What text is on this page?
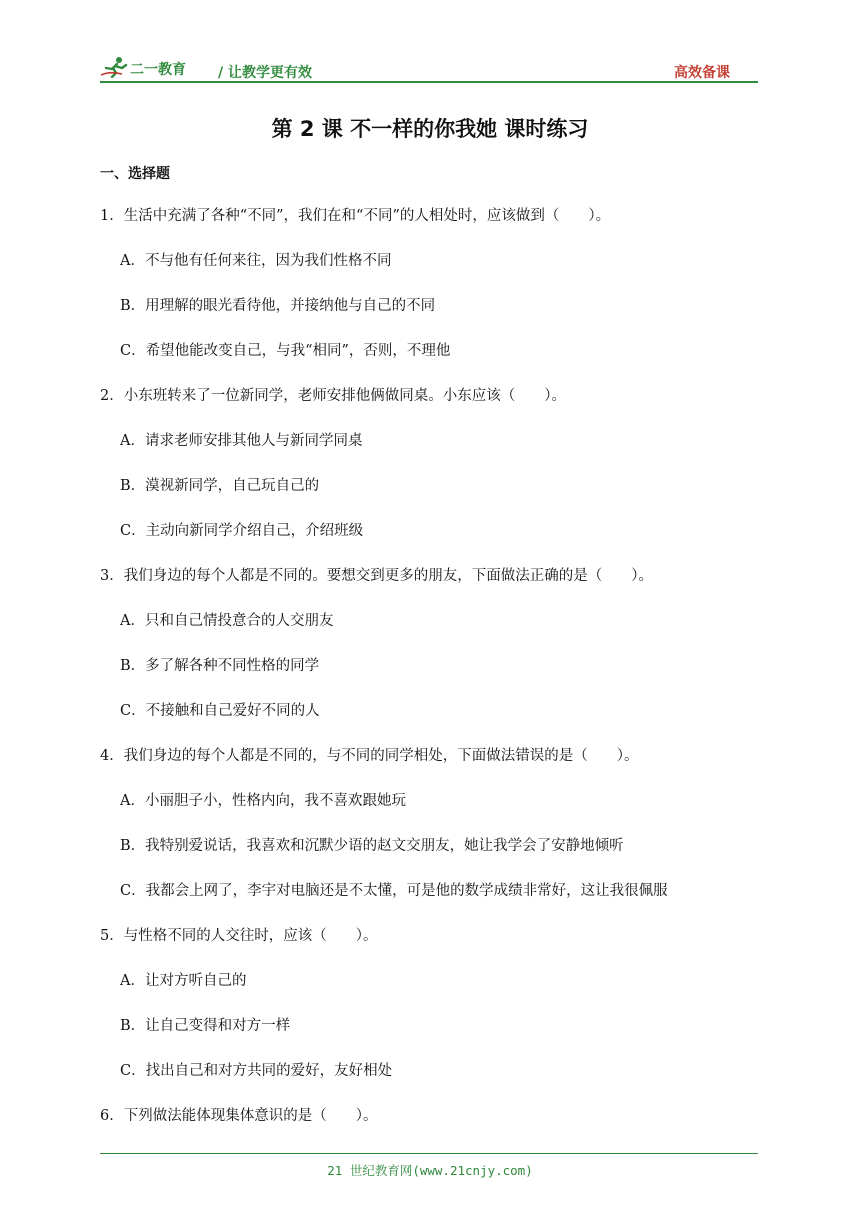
二一教育 / 让教学更有效	高效备课
第 2 课 不一样的你我她 课时练习
一、选择题
1．生活中充满了各种“不同”，我们在和“不同”的人相处时，应该做到（　　）。
A．不与他有任何来往，因为我们性格不同
B．用理解的眼光看待他，并接纳他与自己的不同
C．希望他能改变自己，与我“相同”，否则，不理他
2．小东班转来了一位新同学，老师安排他俩做同桌。小东应该（　　）。
A．请求老师安排其他人与新同学同桌
B．漠视新同学，自己玩自己的
C．主动向新同学介绍自己，介绍班级
3．我们身边的每个人都是不同的。要想交到更多的朋友，下面做法正确的是（　　）。
A．只和自己情投意合的人交朋友
B．多了解各种不同性格的同学
C．不接触和自己爱好不同的人
4．我们身边的每个人都是不同的，与不同的同学相处，下面做法错误的是（　　）。
A．小丽胆子小，性格内向，我不喜欢跟她玩
B．我特别爱说话，我喜欢和沉默少语的赵文交朋友，她让我学会了安静地倾听
C．我都会上网了，李宇对电脑还是不太懂，可是他的数学成绩非常好，这让我很佩服
5．与性格不同的人交往时，应该（　　）。
A．让对方听自己的
B．让自己变得和对方一样
C．找出自己和对方共同的爱好，友好相处
6．下列做法能体现集体意识的是（　　）。
21 世纪教育网(www.21cnjy.com)
